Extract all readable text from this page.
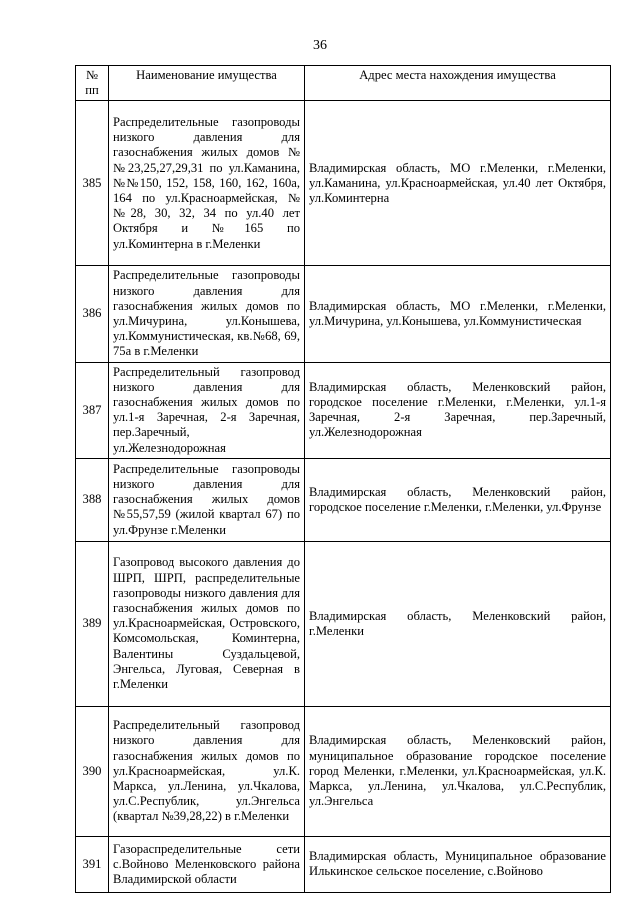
36
№ пп	Наименование имущества	Адрес места нахождения имущества
385	Распределительные газопроводы низкого давления для газоснабжения жилых домов №№23,25,27,29,31 по ул.Каманина, №№150, 152, 158, 160, 162, 160а, 164 по ул.Красноармейская, №№28, 30, 32, 34 по ул.40 лет Октября и №165 по ул.Коминтерна в г.Меленки	Владимирская область, МО г.Меленки, г.Меленки, ул.Каманина, ул.Красноармейская, ул.40 лет Октября, ул.Коминтерна
386	Распределительные газопроводы низкого давления для газоснабжения жилых домов по ул.Мичурина, ул.Конышева, ул.Коммунистическая, кв.№68, 69, 75а в г.Меленки	Владимирская область, МО г.Меленки, г.Меленки, ул.Мичурина, ул.Конышева, ул.Коммунистическая
387	Распределительный газопровод низкого давления для газоснабжения жилых домов по ул.1-я Заречная, 2-я Заречная, пер.Заречный, ул.Железнодорожная	Владимирская область, Меленковский район, городское поселение г.Меленки, г.Меленки, ул.1-я Заречная, 2-я Заречная, пер.Заречный, ул.Железнодорожная
388	Распределительные газопроводы низкого давления для газоснабжения жилых домов №55,57,59 (жилой квартал 67) по ул.Фрунзе г.Меленки	Владимирская область, Меленковский район, городское поселение г.Меленки, г.Меленки, ул.Фрунзе
389	Газопровод высокого давления до ШРП, ШРП, распределительные газопроводы низкого давления для газоснабжения жилых домов по ул.Красноармейская, Островского, Комсомольская, Коминтерна, Валентины Суздальцевой, Энгельса, Луговая, Северная в г.Меленки	Владимирская область, Меленковский район, г.Меленки
390	Распределительный газопровод низкого давления для газоснабжения жилых домов по ул.Красноармейская, ул.К. Маркса, ул.Ленина, ул.Чкалова, ул.С.Республик, ул.Энгельса (квартал №39,28,22) в г.Меленки	Владимирская область, Меленковский район, муниципальное образование городское поселение город Меленки, г.Меленки, ул.Красноармейская, ул.К. Маркса, ул.Ленина, ул.Чкалова, ул.С.Республик, ул.Энгельса
391	Газораспределительные сети с.Войново Меленковского района Владимирской области	Владимирская область, Муниципальное образование Илькинское сельское поселение, с.Войново
